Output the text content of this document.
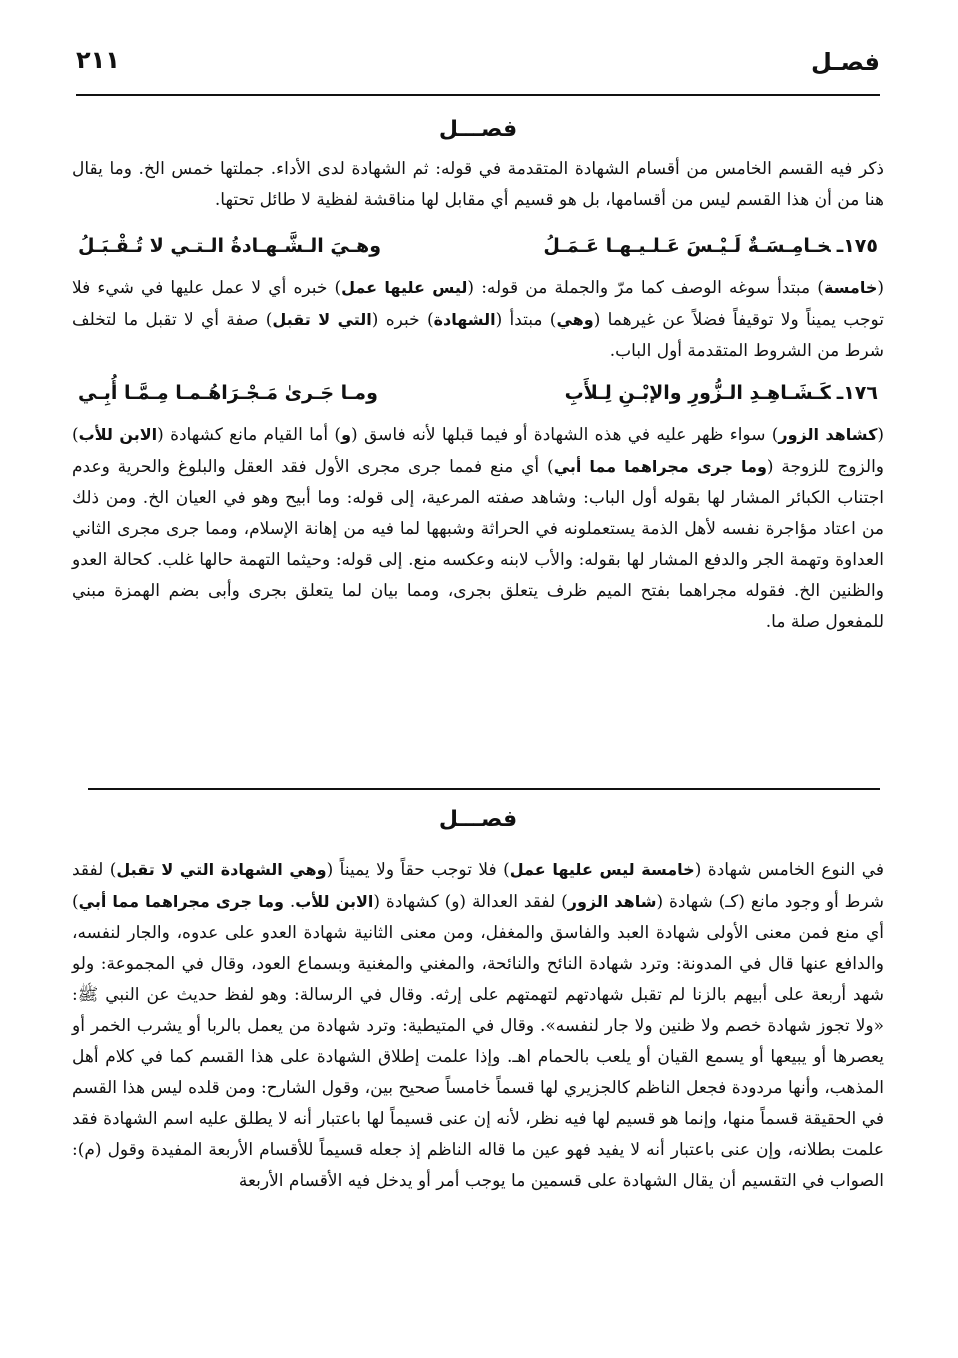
فصـل
٢١١
فصـــل

ذكر فيه القسم الخامس من أقسام الشهادة المتقدمة في قوله: ثم الشهادة لدى الأداء. جملتها خمس الخ. وما يقال هنا من أن هذا القسم ليس من أقسامها، بل هو قسيم أي مقابل لها مناقشة لفظية لا طائل تحتها.

١٧٥ـخـامِـسَـةٌ لَـيْـسَ عَـلـيـهـا عَـمَـلُ
وهـيَ الـشَّـهـادةُ الـتـي لا تُـقْـبَـلُ

(خامسة) مبتدأ سوغه الوصف كما مرّ والجملة من قوله: (ليس عليها عمل) خبره أي لا عمل عليها في شيء فلا توجب يميناً ولا توقيفاً فضلاً عن غيرهما (وهي) مبتدأ (الشهادة) خبره (التي لا تقبل) صفة أي لا تقبل ما لتخلف شرط من الشروط المتقدمة أول الباب.

١٧٦ـكَـشَـاهِـدِ الـزُّورِ والإبْـنِ لِـلأَبِ
ومـا جَـرىٰ مَـجْـرَاهُـمـا مِـمَّـا أُبِـي

(كشاهد الزور) سواء ظهر عليه في هذه الشهادة أو فيما قبلها لأنه فاسق (و) أما القيام مانع كشهادة (الابن للأب) والزوج للزوجة (وما جرى مجراهما مما أبي) أي منع فمما جرى مجرى الأول فقد العقل والبلوغ والحرية وعدم اجتناب الكبائر المشار لها بقوله أول الباب: وشاهد صفته المرعية، إلى قوله: وما أبيح وهو في العيان الخ. ومن ذلك من اعتاد مؤاجرة نفسه لأهل الذمة يستعملونه في الحراثة وشبهها لما فيه من إهانة الإسلام، ومما جرى مجرى الثاني العداوة وتهمة الجر والدفع المشار لها بقوله: والأب لابنه وعكسه منع. إلى قوله: وحيثما التهمة حالها غلب. كحالة العدو والظنين الخ. فقوله مجراهما بفتح الميم ظرف يتعلق بجرى، ومما بيان لما يتعلق بجرى وأبى بضم الهمزة مبني للمفعول صلة ما.

فصـــل

في النوع الخامس شهادة (خامسة ليس عليها عمل) فلا توجب حقاً ولا يميناً (وهي الشهادة التي لا تقبل) لفقد شرط أو وجود مانع (كـ) شهادة (شاهد الزور) لفقد العدالة (و) كشهادة (الابن للأب. وما جرى مجراهما مما أبي) أي منع فمن معنى الأولى شهادة العبد والفاسق والمغفل، ومن معنى الثانية شهادة العدو على عدوه، والجار لنفسه، والدافع عنها قال في المدونة: وترد شهادة النائح والنائحة، والمغني والمغنية وبسماع العود، وقال في المجموعة: ولو شهد أربعة على أبيهم بالزنا لم تقبل شهادتهم لتهمتهم على إرثه. وقال في الرسالة: وهو لفظ حديث عن النبي ﷺ: «ولا تجوز شهادة خصم ولا ظنين ولا جار لنفسه». وقال في المتيطية: وترد شهادة من يعمل بالربا أو يشرب الخمر أو يعصرها أو يبيعها أو يسمع القيان أو يلعب بالحمام اهـ. وإذا علمت إطلاق الشهادة على هذا القسم كما في كلام أهل المذهب، وأنها مردودة فجعل الناظم كالجزيري لها قسماً خامساً صحيح بين، وقول الشارح: ومن قلده ليس هذا القسم في الحقيقة قسماً منها، وإنما هو قسيم لها فيه نظر، لأنه إن عنى قسيماً لها باعتبار أنه لا يطلق عليه اسم الشهادة فقد علمت بطلانه، وإن عنى باعتبار أنه لا يفيد فهو عين ما قاله الناظم إذ جعله قسيماً للأقسام الأربعة المفيدة وقول (م): الصواب في التقسيم أن يقال الشهادة على قسمين ما يوجب أمر أو يدخل فيه الأقسام الأربعة
